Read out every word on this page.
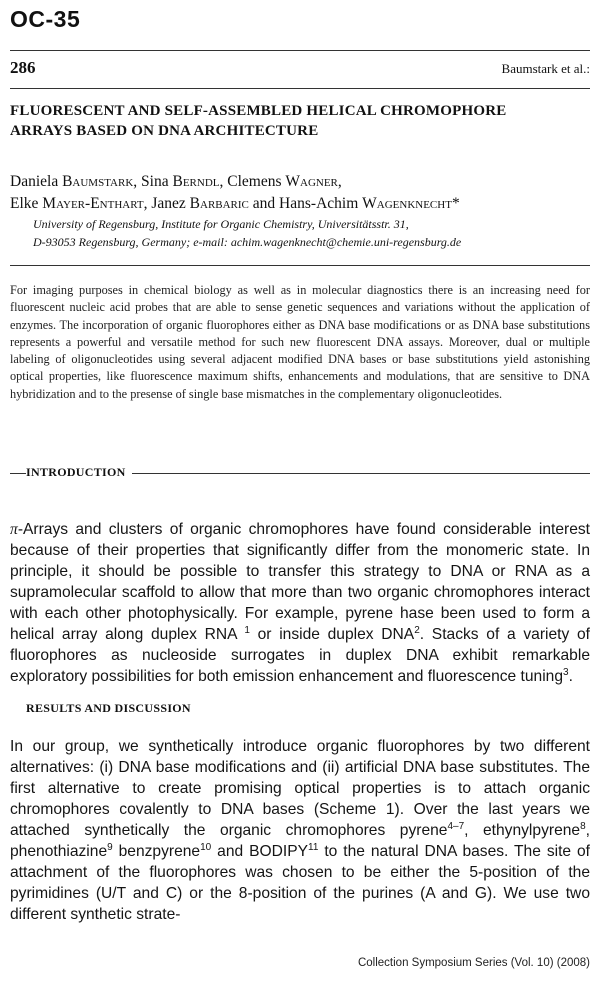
OC-35
286	Baumstark et al.:
FLUORESCENT AND SELF-ASSEMBLED HELICAL CHROMOPHORE
ARRAYS BASED ON DNA ARCHITECTURE
Daniela Baumstark, Sina Berndl, Clemens Wagner,
Elke Mayer-Enthart, Janez Barbaric and Hans-Achim Wagenknecht*
University of Regensburg, Institute for Organic Chemistry, Universitätsstr. 31,
D-93053 Regensburg, Germany; e-mail: achim.wagenknecht@chemie.uni-regensburg.de

For imaging purposes in chemical biology as well as in molecular diagnostics there is an increasing need for fluorescent nucleic acid probes that are able to sense genetic sequences and variations without the application of enzymes. The incorporation of organic fluorophores either as DNA base modifications or as DNA base substitutions represents a powerful and versatile method for such new fluorescent DNA assays. Moreover, dual or multiple labeling of oligonucleotides using several adjacent modified DNA bases or base substitutions yield astonishing optical properties, like fluorescence maximum shifts, enhancements and modulations, that are sensitive to DNA hybridization and to the presense of single base mismatches in the complementary oligonucleotides.

INTRODUCTION

π-Arrays and clusters of organic chromophores have found considerable interest because of their properties that significantly differ from the monomeric state. In principle, it should be possible to transfer this strategy to DNA or RNA as a supramolecular scaffold to allow that more than two organic chromophores interact with each other photophysically. For example, pyrene hase been used to form a helical array along duplex RNA $^1$ or inside duplex DNA$^2$. Stacks of a variety of fluorophores as nucleoside surrogates in duplex DNA exhibit remarkable exploratory possibilities for both emission enhancement and fluorescence tuning$^3$.

RESULTS AND DISCUSSION

In our group, we synthetically introduce organic fluorophores by two different alternatives: (i) DNA base modifications and (ii) artificial DNA base substitutes. The first alternative to create promising optical properties is to attach organic chromophores covalently to DNA bases (Scheme 1). Over the last years we attached synthetically the organic chromophores pyrene$^{4-7}$, ethynylpyrene$^8$, phenothiazine$^9$ benzpyrene$^{10}$ and BODIPY$^{11}$ to the natural DNA bases. The site of attachment of the fluorophores was chosen to be either the 5-position of the pyrimidines (U/T and C) or the 8-position of the purines (A and G). We use two different synthetic strate-

Collection Symposium Series (Vol. 10) (2008)
